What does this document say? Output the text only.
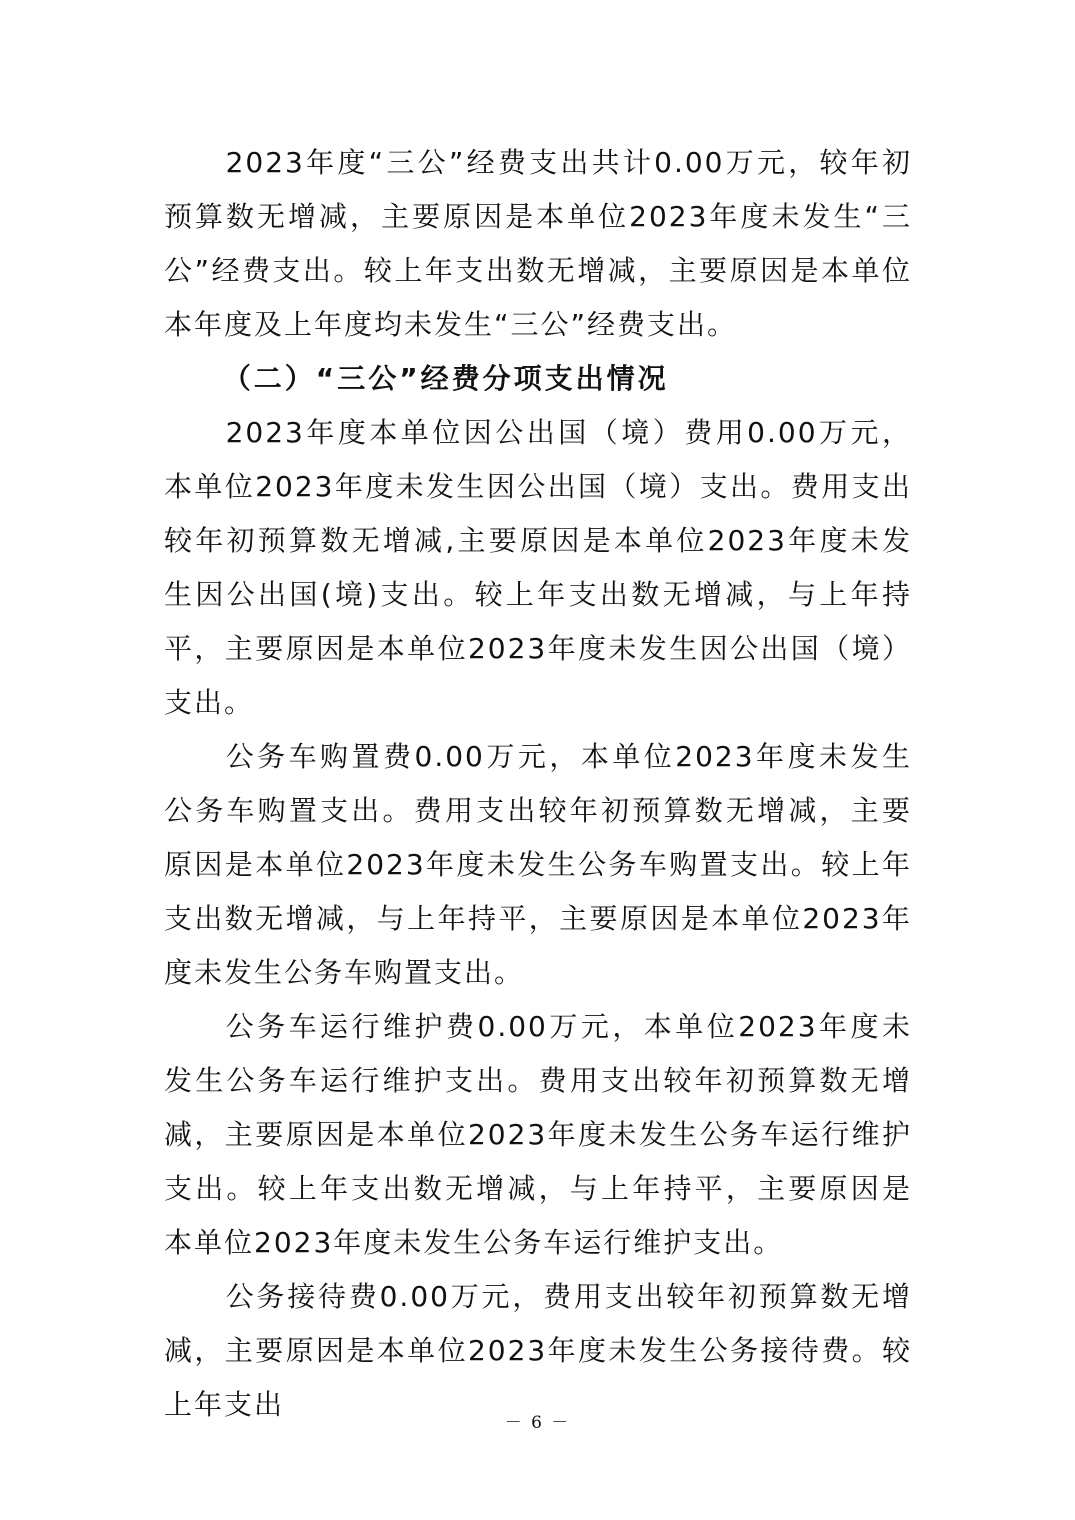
2023年度“三公”经费支出共计0.00万元，较年初预算数无增减，主要原因是本单位2023年度未发生“三公”经费支出。较上年支出数无增减，主要原因是本单位本年度及上年度均未发生“三公”经费支出。

（二）“三公”经费分项支出情况

2023年度本单位因公出国（境）费用0.00万元，本单位2023年度未发生因公出国（境）支出。费用支出较年初预算数无增减,主要原因是本单位2023年度未发生因公出国(境)支出。较上年支出数无增减，与上年持平，主要原因是本单位2023年度未发生因公出国（境）支出。

公务车购置费0.00万元，本单位2023年度未发生公务车购置支出。费用支出较年初预算数无增减，主要原因是本单位2023年度未发生公务车购置支出。较上年支出数无增减，与上年持平，主要原因是本单位2023年度未发生公务车购置支出。

公务车运行维护费0.00万元，本单位2023年度未发生公务车运行维护支出。费用支出较年初预算数无增减，主要原因是本单位2023年度未发生公务车运行维护支出。较上年支出数无增减，与上年持平，主要原因是本单位2023年度未发生公务车运行维护支出。

公务接待费0.00万元，费用支出较年初预算数无增减，主要原因是本单位2023年度未发生公务接待费。较上年支出

－ 6 －
